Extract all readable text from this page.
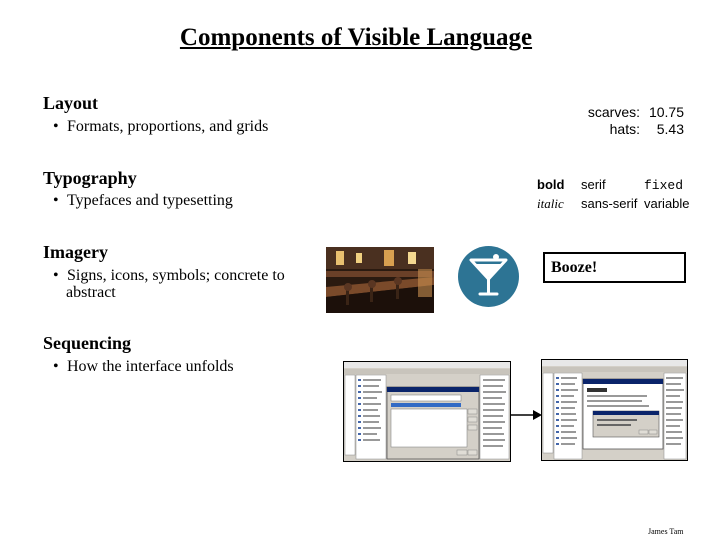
Components of Visible Language
Layout
• Formats, proportions, and grids
scarves: 10.75
hats:	5.43
Typography
• Typefaces and typesetting
bold serif	fixed
italic sans-serif variable
Imagery
• Signs, icons, symbols; concrete to
abstract
Booze!
Sequencing
• How the interface unfolds
James Tam
